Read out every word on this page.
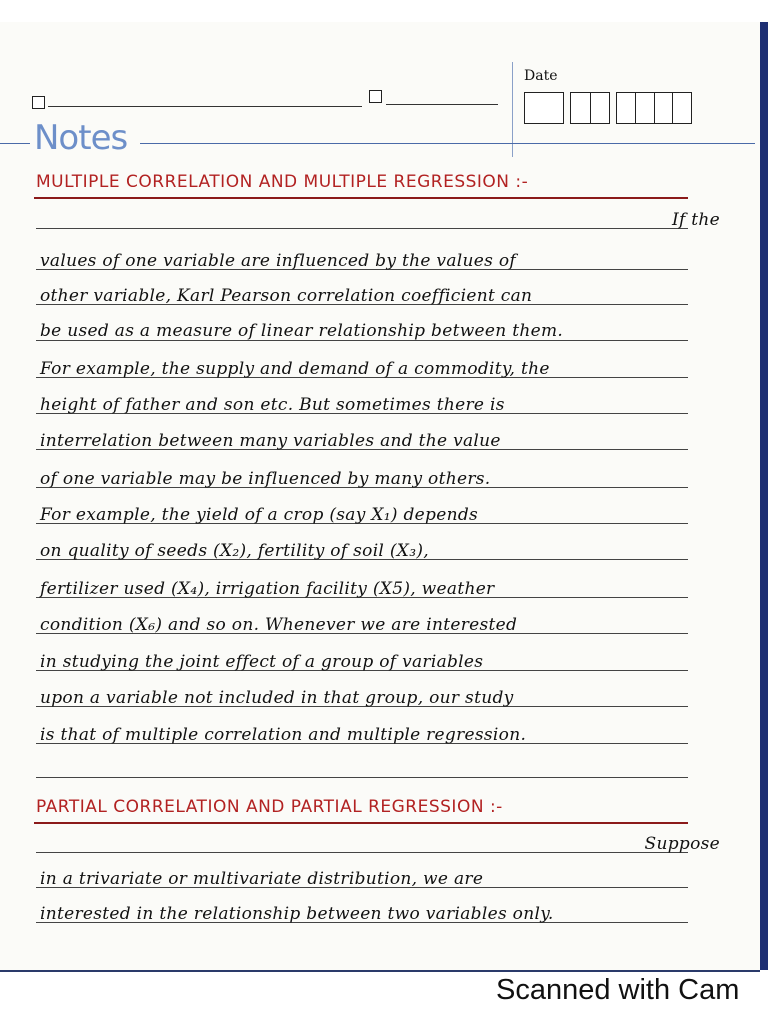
Date
Notes
MULTIPLE CORRELATION AND MULTIPLE REGRESSION :-
If the
values of one variable are influenced by the values of
other variable, Karl Pearson correlation coefficient can
be used as a measure of linear relationship between them.
For example, the supply and demand of a commodity, the
height of father and son etc. But sometimes there is
interrelation between many variables and the value
of one variable may be influenced by many others.
For example, the yield of a crop (say X₁) depends
on quality of seeds (X₂), fertility of soil (X₃),
fertilizer used (X₄), irrigation facility (X5), weather
condition (X₆) and so on. Whenever we are interested
in studying the joint effect of a group of variables
upon a variable not included in that group, our study
is that of multiple correlation and multiple regression.
PARTIAL CORRELATION AND PARTIAL REGRESSION :-
Suppose
in a trivariate or multivariate distribution, we are
interested in the relationship between two variables only.
Scanned with Cam
